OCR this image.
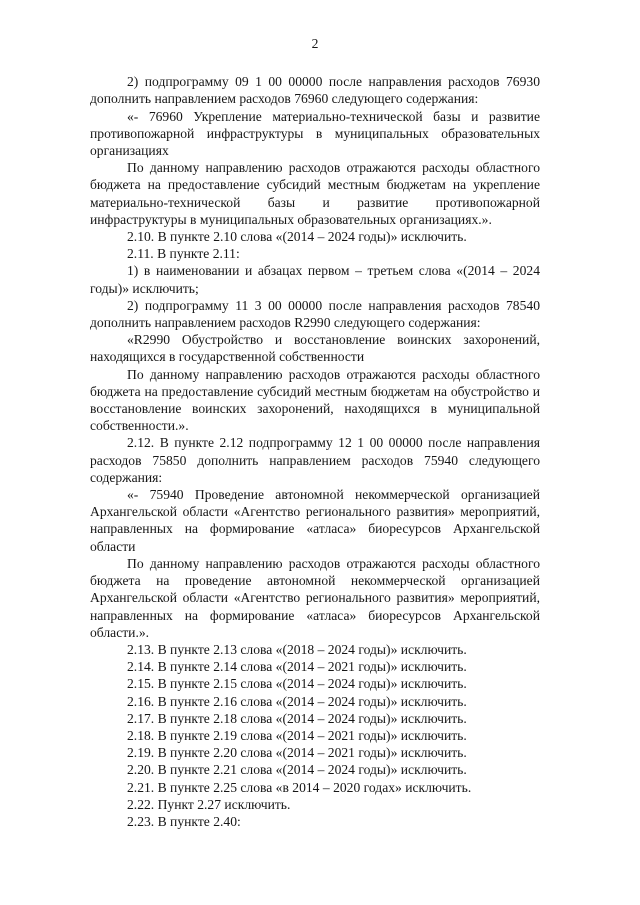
2

2) подпрограмму 09 1 00 00000 после направления расходов 76930 дополнить направлением расходов 76960 следующего содержания:

«- 76960 Укрепление материально-технической базы и развитие противопожарной инфраструктуры в муниципальных образовательных организациях

По данному направлению расходов отражаются расходы областного бюджета на предоставление субсидий местным бюджетам на укрепление материально-технической базы и развитие противопожарной инфраструктуры в муниципальных образовательных организациях.».

2.10. В пункте 2.10 слова «(2014 – 2024 годы)» исключить.

2.11. В пункте 2.11:

1) в наименовании и абзацах первом – третьем слова «(2014 – 2024 годы)» исключить;

2) подпрограмму 11 3 00 00000 после направления расходов 78540 дополнить направлением расходов R2990 следующего содержания:

«R2990 Обустройство и восстановление воинских захоронений, находящихся в государственной собственности

По данному направлению расходов отражаются расходы областного бюджета на предоставление субсидий местным бюджетам на обустройство и восстановление воинских захоронений, находящихся в муниципальной собственности.».

2.12. В пункте 2.12 подпрограмму 12 1 00 00000 после направления расходов 75850 дополнить направлением расходов 75940 следующего содержания:

«- 75940 Проведение автономной некоммерческой организацией Архангельской области «Агентство регионального развития» мероприятий, направленных на формирование «атласа» биоресурсов Архангельской области

По данному направлению расходов отражаются расходы областного бюджета на проведение автономной некоммерческой организацией Архангельской области «Агентство регионального развития» мероприятий, направленных на формирование «атласа» биоресурсов Архангельской области.».

2.13. В пункте 2.13 слова «(2018 – 2024 годы)» исключить.

2.14. В пункте 2.14 слова «(2014 – 2021 годы)» исключить.

2.15. В пункте 2.15 слова «(2014 – 2024 годы)» исключить.

2.16. В пункте 2.16 слова «(2014 – 2024 годы)» исключить.

2.17. В пункте 2.18 слова «(2014 – 2024 годы)» исключить.

2.18. В пункте 2.19 слова «(2014 – 2021 годы)» исключить.

2.19. В пункте 2.20 слова «(2014 – 2021 годы)» исключить.

2.20. В пункте 2.21 слова «(2014 – 2024 годы)» исключить.

2.21. В пункте 2.25 слова «в 2014 – 2020 годах» исключить.

2.22. Пункт 2.27 исключить.

2.23. В пункте 2.40:
